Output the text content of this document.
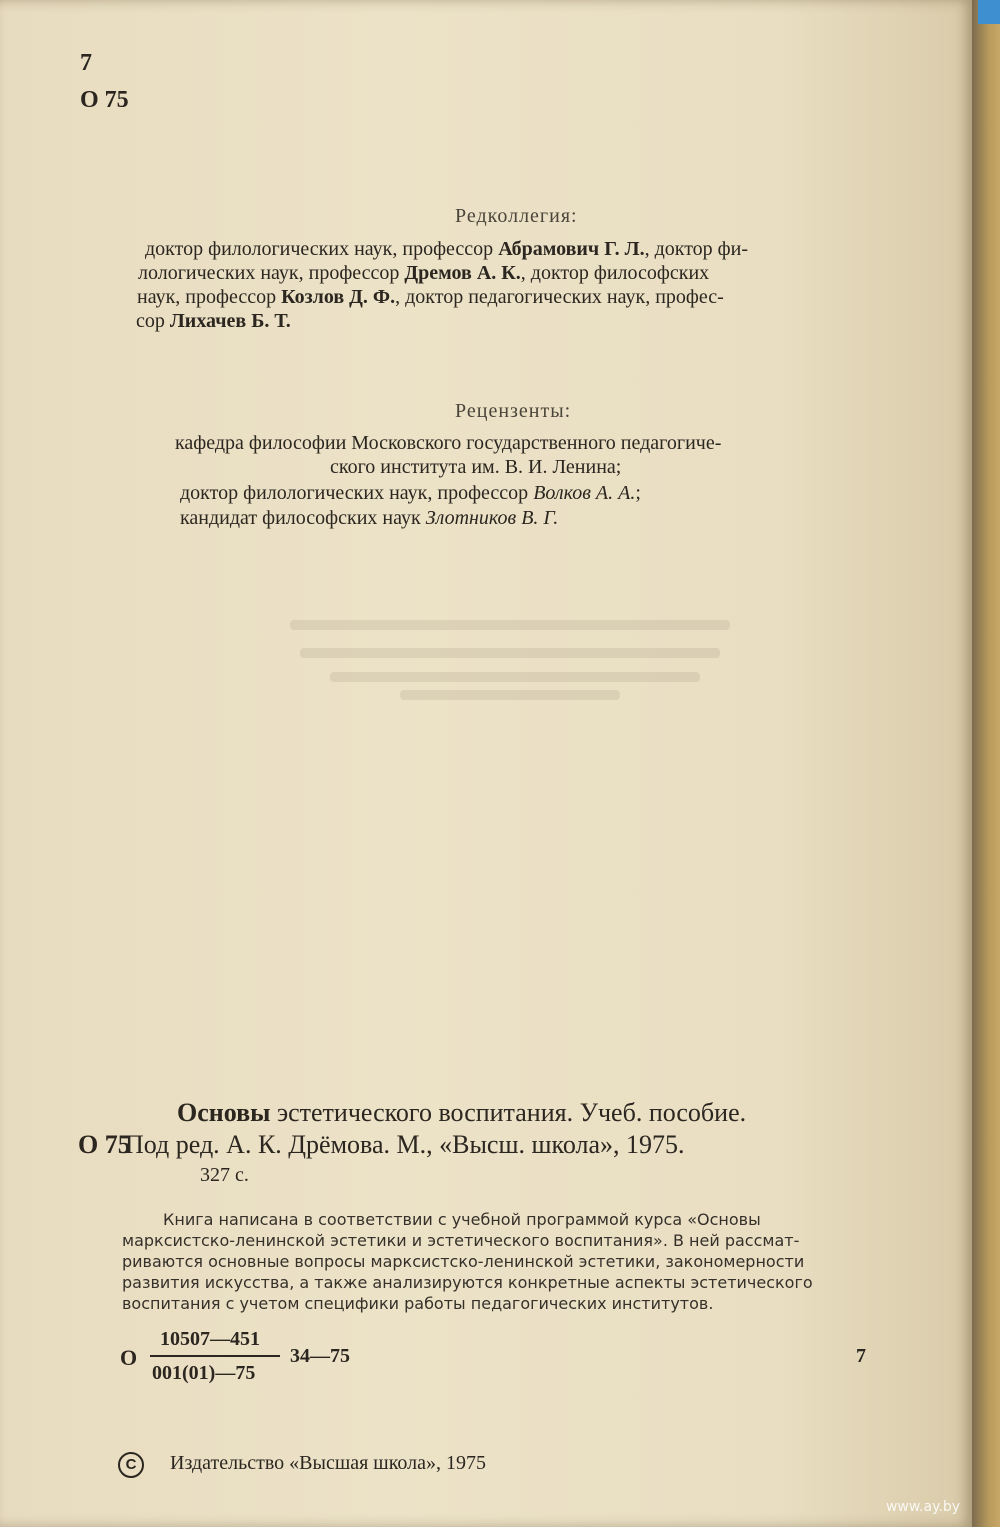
7
О 75
Редколлегия:
доктор филологических наук, профессор Абрамович Г. Л., доктор фи-
лологических наук, профессор Дремов А. К., доктор философских
наук, профессор Козлов Д. Ф., доктор педагогических наук, профес-
сор Лихачев Б. Т.
Рецензенты:
кафедра философии Московского государственного педагогиче-
ского института им. В. И. Ленина;
доктор филологических наук, профессор Волков А. А.;
кандидат философских наук Злотников В. Г.
Основы эстетического воспитания. Учеб. пособие.
О 75
Под ред. А. К. Дрёмова. М., «Высш. школа», 1975.
327 с.
Книга написана в соответствии с учебной программой курса «Основы
марксистско-ленинской эстетики и эстетического воспитания». В ней рассмат-
риваются основные вопросы марксистско-ленинской эстетики, закономерности
развития искусства, а также анализируются конкретные аспекты эстетического
воспитания с учетом специфики работы педагогических институтов.
О
10507—451
001(01)—75
34—75	7
C	Издательство «Высшая школа», 1975
www.ay.by
